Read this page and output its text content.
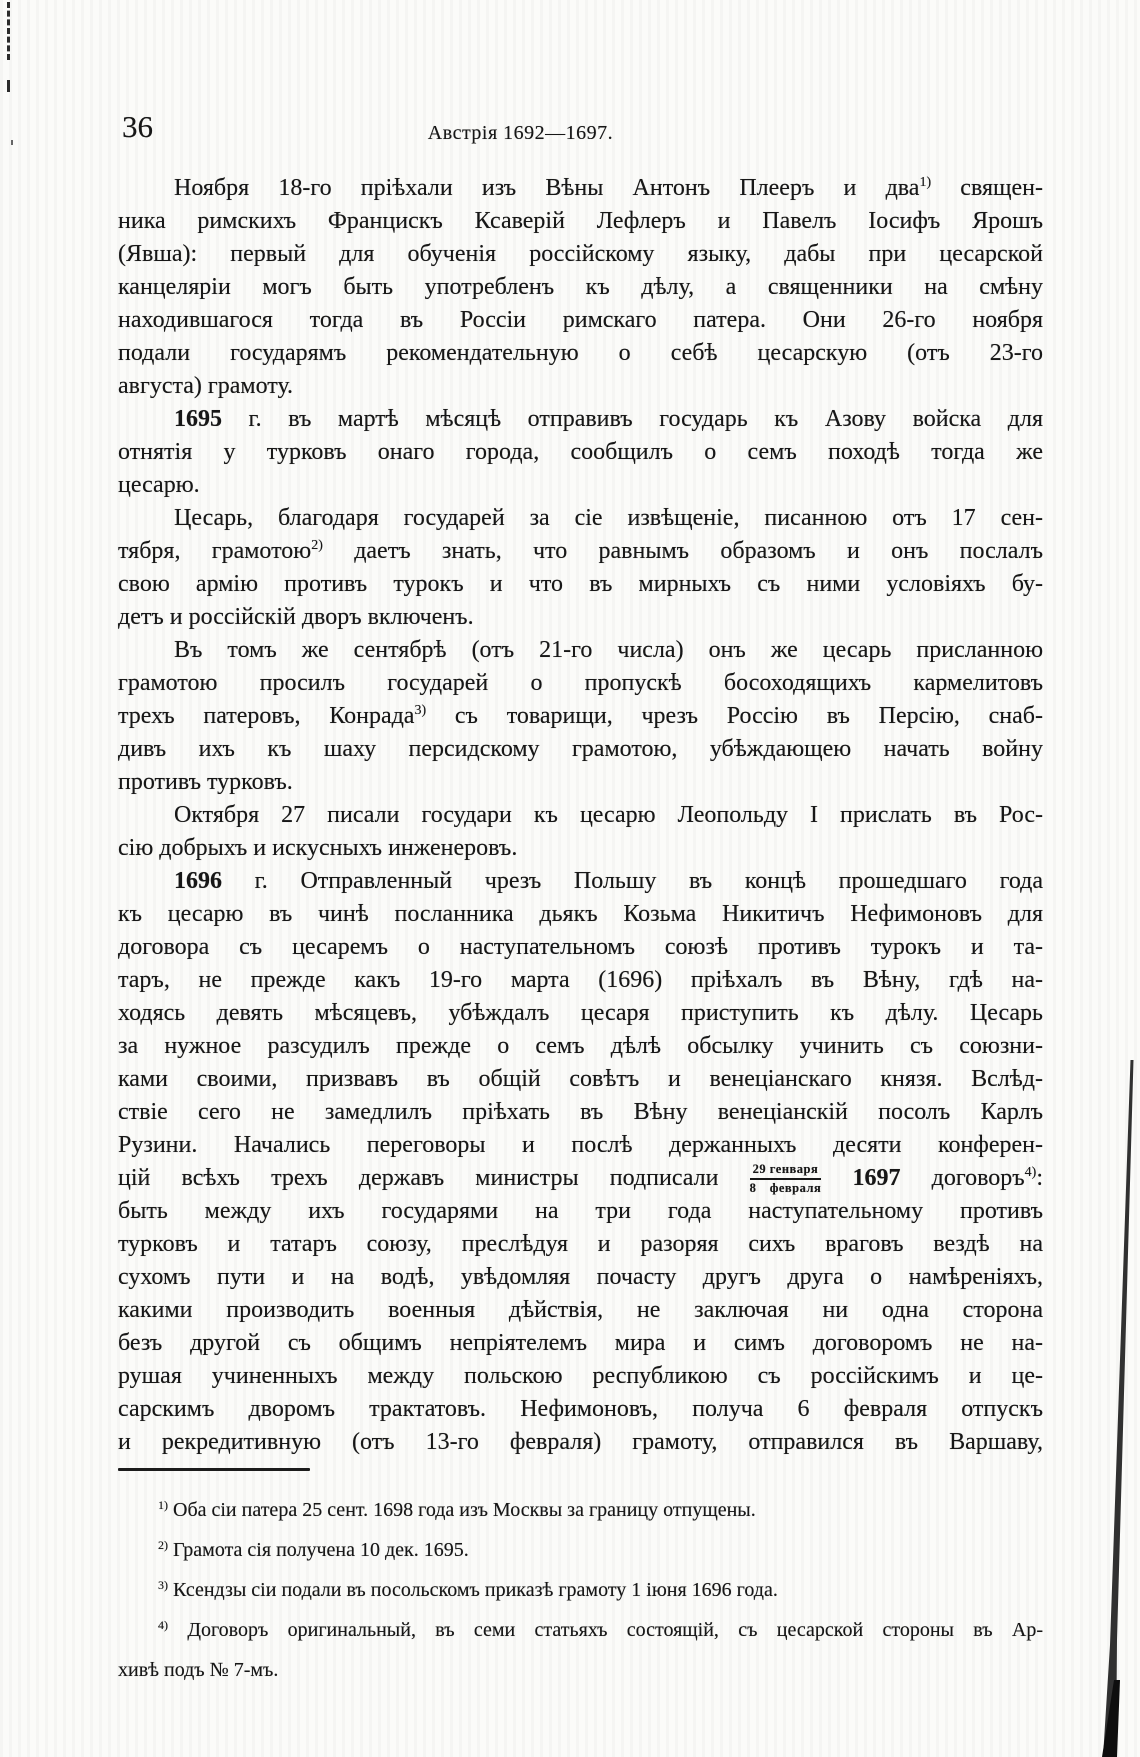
36	Австрія 1692—1697.
Ноября 18-го пріѣхали изъ Вѣны Антонъ Плееръ и два$^{1)}$ священ-
ника римскихъ Францискъ Ксаверій Лефлеръ и Павелъ Іосифъ Ярошъ
(Явша): первый для обученія россійскому языку, дабы при цесарской
канцеляріи могъ быть употребленъ къ дѣлу, а священники на смѣну
находившагося тогда въ Россіи римскаго патера. Они 26-го ноября
подали государямъ рекомендательную о себѣ цесарскую (отъ 23-го
августа) грамоту.
1695 г. въ мартѣ мѣсяцѣ отправивъ государь къ Азову войска для
отнятія у турковъ онаго города, сообщилъ о семъ походѣ тогда же
цесарю.
Цесарь, благодаря государей за сіе извѣщеніе, писанною отъ 17 сен-
тября, грамотою$^{2)}$ даетъ знать, что равнымъ образомъ и онъ послалъ
свою армію противъ турокъ и что въ мирныхъ съ ними условіяхъ бу-
детъ и россійскій дворъ включенъ.
Въ томъ же сентябрѣ (отъ 21-го числа) онъ же цесарь присланною
грамотою просилъ государей о пропускѣ босоходящихъ кармелитовъ
трехъ патеровъ, Конрада$^{3)}$ съ товарищи, чрезъ Россію въ Персію, снаб-
дивъ ихъ къ шаху персидскому грамотою, убѣждающею начать войну
противъ турковъ.
Октября 27 писали государи къ цесарю Леопольду I прислать въ Рос-
сію добрыхъ и искусныхъ инженеровъ.
1696 г. Отправленный чрезъ Польшу въ концѣ прошедшаго года
къ цесарю въ чинѣ посланника дьякъ Козьма Никитичъ Нефимоновъ для
договора съ цесаремъ о наступательномъ союзѣ противъ турокъ и та-
таръ, не прежде какъ 19-го марта (1696) пріѣхалъ въ Вѣну, гдѣ на-
ходясь девять мѣсяцевъ, убѣждалъ цесаря приступить къ дѣлу. Цесарь
за нужное разсудилъ прежде о семъ дѣлѣ обсылку учинить съ союзни-
ками своими, призвавъ въ общій совѣтъ и венеціанскаго князя. Вслѣд-
ствіе сего не замедлилъ пріѣхать въ Вѣну венеціанскій посолъ Карлъ
Рузини. Начались переговоры и послѣ держанныхъ десяти конферен-
цій всѣхъ трехъ державъ министры подписали $\frac{\text{29 генваря}}{\text{8 февраля}} 1697$ договоръ$^{4)}$:
быть между ихъ государями на три года наступательному противъ
турковъ и татаръ союзу, преслѣдуя и разоряя сихъ враговъ вездѣ на
сухомъ пути и на водѣ, увѣдомляя почасту другъ друга о намѣреніяхъ,
какими производить военныя дѣйствія, не заключая ни одна сторона
безъ другой съ общимъ непріятелемъ мира и симъ договоромъ не на-
рушая учиненныхъ между польскою республикою съ россійскимъ и це-
сарскимъ дворомъ трактатовъ. Нефимоновъ, получа 6 февраля отпускъ
и рекредитивную (отъ 13-го февраля) грамоту, отправился въ Варшаву,
$^{1)}$ Оба сіи патера 25 сент. 1698 года изъ Москвы за границу отпущены.
$^{2)}$ Грамота сія получена 10 дек. 1695.
$^{3)}$ Ксендзы сіи подали въ посольскомъ приказѣ грамоту 1 іюня 1696 года.
$^{4)}$ Договоръ оригинальный, въ семи статьяхъ состоящій, съ цесарской стороны въ Ар-
хивѣ подъ № 7-мъ.
